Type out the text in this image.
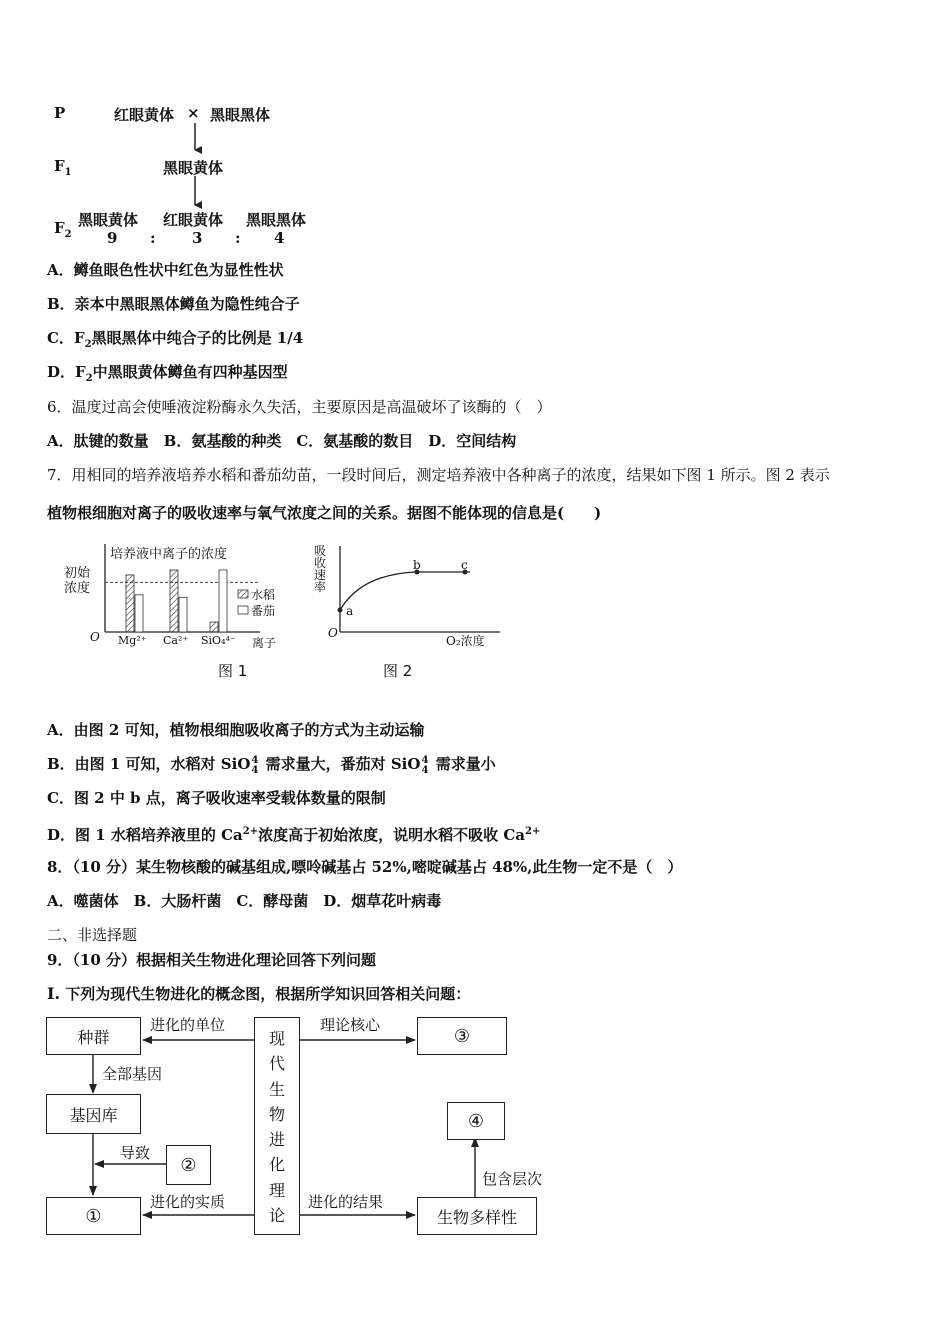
P
$F_1$
$F_2$
红眼黄体 × 黑眼黑体
黑眼黄体
黑眼黄体 红眼黄体 黑眼黑体
9 : 3 : 4
A．鳟鱼眼色性状中红色为显性性状
B．亲本中黑眼黑体鳟鱼为隐性纯合子
C．$F_2$黑眼黑体中纯合子的比例是 1/4
D．$F_2$中黑眼黄体鳟鱼有四种基因型
6．温度过高会使唾液淀粉酶永久失活，主要原因是高温破坏了该酶的（　）
A．肽键的数量　B．氨基酸的种类　C．氨基酸的数目　D．空间结构
7．用相同的培养液培养水稻和番茄幼苗，一段时间后，测定培养液中各种离子的浓度，结果如下图 1 所示。图 2 表示
植物根细胞对离子的吸收速率与氧气浓度之间的关系。据图不能体现的信息是(　　)
培养液中离子的浓度
初始
浓度
O
水稻
番茄
Mg²⁺ Ca²⁺ SiO₄⁴⁻ 离子
图 1
吸
收
速
率
O
a
b	c
O₂浓度
图 2
A．由图 2 可知，植物根细胞吸收离子的方式为主动运输
B．由图 1 可知，水稻对 SiO 4
4 需求量大，番茄对 SiO 4
4 需求量小
C．图 2 中 b 点，离子吸收速率受载体数量的限制
D．图 1 水稻培养液里的 $Ca^{2+}$浓度高于初始浓度，说明水稻不吸收 $Ca^{2+}$
8．（10 分）某生物核酸的碱基组成,嘌呤碱基占 52%,嘧啶碱基占 48%,此生物一定不是（　）
A．噬菌体　B．大肠杆菌　C．酵母菌　D．烟草花叶病毒
二、非选择题
9．（10 分）根据相关生物进化理论回答下列问题
I. 下列为现代生物进化的概念图，根据所学知识回答相关问题：
种群
基因库
②
①
现
代
生
物
进
化
理
论
③
④
生物多样性
进化的单位	理论核心
全部基因
导致
进化的实质	进化的结果
包含层次
